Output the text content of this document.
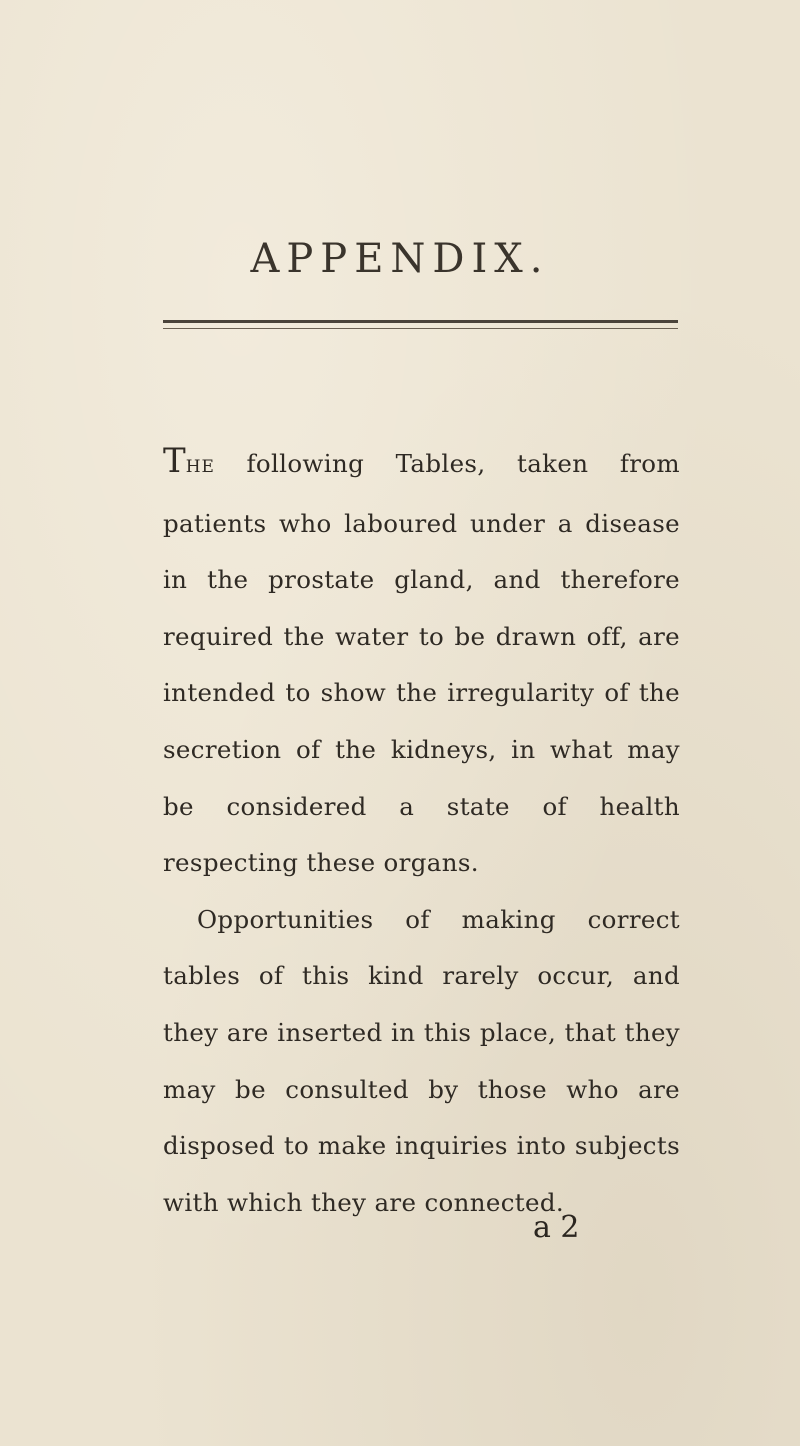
APPENDIX.

THE following Tables, taken from patients who laboured under a disease in the prostate gland, and therefore required the water to be drawn off, are intended to show the irregularity of the secretion of the kidneys, in what may be considered a state of health respecting these organs.

Opportunities of making correct tables of this kind rarely occur, and they are inserted in this place, that they may be consulted by those who are disposed to make inquiries into subjects with which they are connected.

a 2
